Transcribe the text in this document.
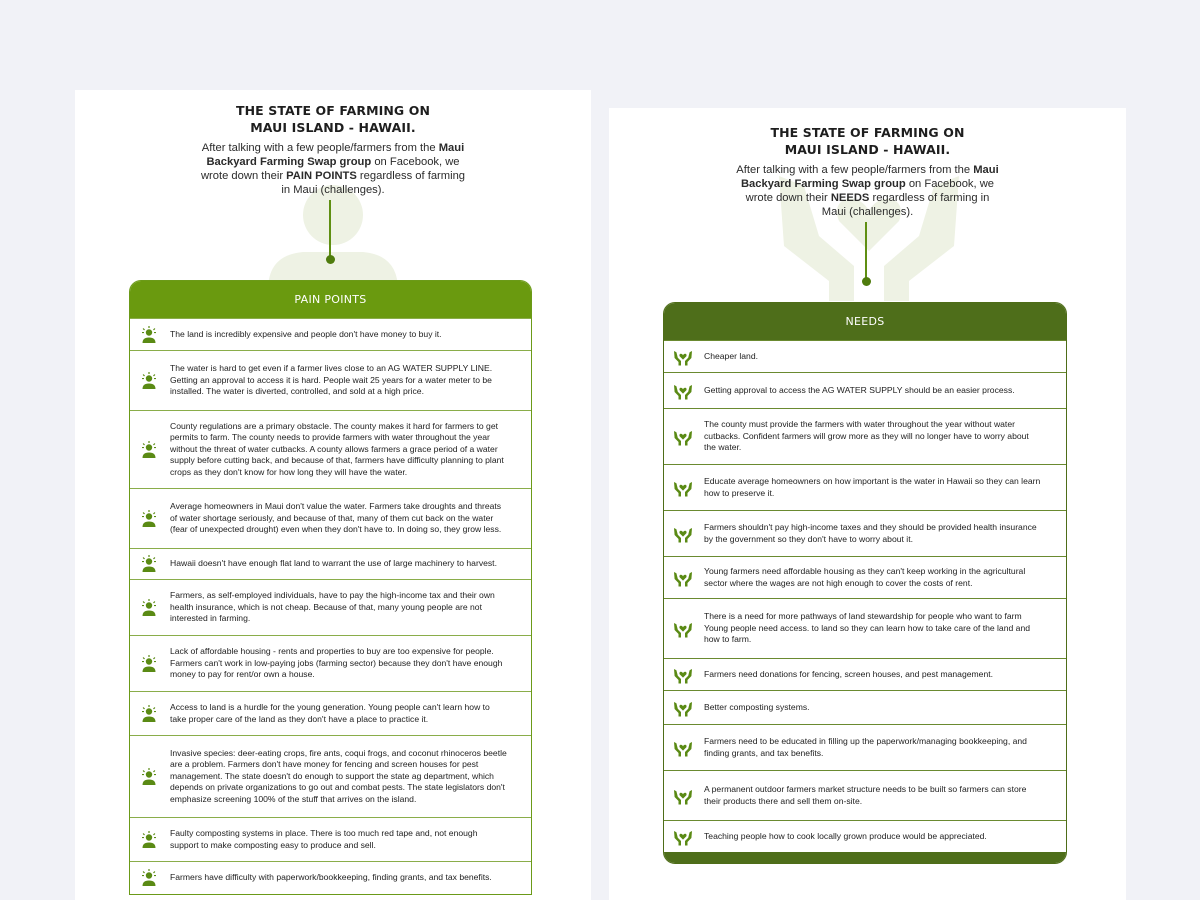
THE STATE OF FARMING ON
MAUI ISLAND - HAWAII.

After talking with a few people/farmers from the Maui Backyard Farming Swap group on Facebook, we wrote down their PAIN POINTS regardless of farming in Maui (challenges).

PAIN POINTS
The land is incredibly expensive and people don't have money to buy it.
The water is hard to get even if a farmer lives close to an AG WATER SUPPLY LINE. Getting an approval to access it is hard. People wait 25 years for a water meter to be installed. The water is diverted, controlled, and sold at a high price.
County regulations are a primary obstacle. The county makes it hard for farmers to get permits to farm. The county needs to provide farmers with water throughout the year without the threat of water cutbacks. A county allows farmers a grace period of a water supply before cutting back, and because of that, farmers have difficulty planning to plant crops as they don't know for how long they will have the water.
Average homeowners in Maui don't value the water. Farmers take droughts and threats of water shortage seriously, and because of that, many of them cut back on the water (fear of unexpected drought) even when they don't have to. In doing so, they grow less.
Hawaii doesn't have enough flat land to warrant the use of large machinery to harvest.
Farmers, as self-employed individuals, have to pay the high-income tax and their own health insurance, which is not cheap. Because of that, many young people are not interested in farming.
Lack of affordable housing - rents and properties to buy are too expensive for people. Farmers can't work in low-paying jobs (farming sector) because they don't have enough money to pay for rent/or own a house.
Access to land is a hurdle for the young generation. Young people can't learn how to take proper care of the land as they don't have a place to practice it.
Invasive species: deer-eating crops, fire ants, coqui frogs, and coconut rhinoceros beetle are a problem. Farmers don't have money for fencing and screen houses for pest management. The state doesn't do enough to support the state ag department, which depends on private organizations to go out and combat pests. The state legislators don't emphasize screening 100% of the stuff that arrives on the island.
Faulty composting systems in place. There is too much red tape and, not enough support to make composting easy to produce and sell.
Farmers have difficulty with paperwork/bookkeeping, finding grants, and tax benefits.
THE STATE OF FARMING ON
MAUI ISLAND - HAWAII.

After talking with a few people/farmers from the Maui Backyard Farming Swap group on Facebook, we wrote down their NEEDS regardless of farming in Maui (challenges).

NEEDS
Cheaper land.
Getting approval to access the AG WATER SUPPLY should be an easier process.
The county must provide the farmers with water throughout the year without water cutbacks. Confident farmers will grow more as they will no longer have to worry about the water.
Educate average homeowners on how important is the water in Hawaii so they can learn how to preserve it.
Farmers shouldn't pay high-income taxes and they should be provided health insurance by the government so they don't have to worry about it.
Young farmers need affordable housing as they can't keep working in the agricultural sector where the wages are not high enough to cover the costs of rent.
There is a need for more pathways of land stewardship for people who want to farm Young people need access. to land so they can learn how to take care of the land and how to farm.
Farmers need donations for fencing, screen houses, and pest management.
Better composting systems.
Farmers need to be educated in filling up the paperwork/managing bookkeeping, and finding grants, and tax benefits.
A permanent outdoor farmers market structure needs to be built so farmers can store their products there and sell them on-site.
Teaching people how to cook locally grown produce would be appreciated.
